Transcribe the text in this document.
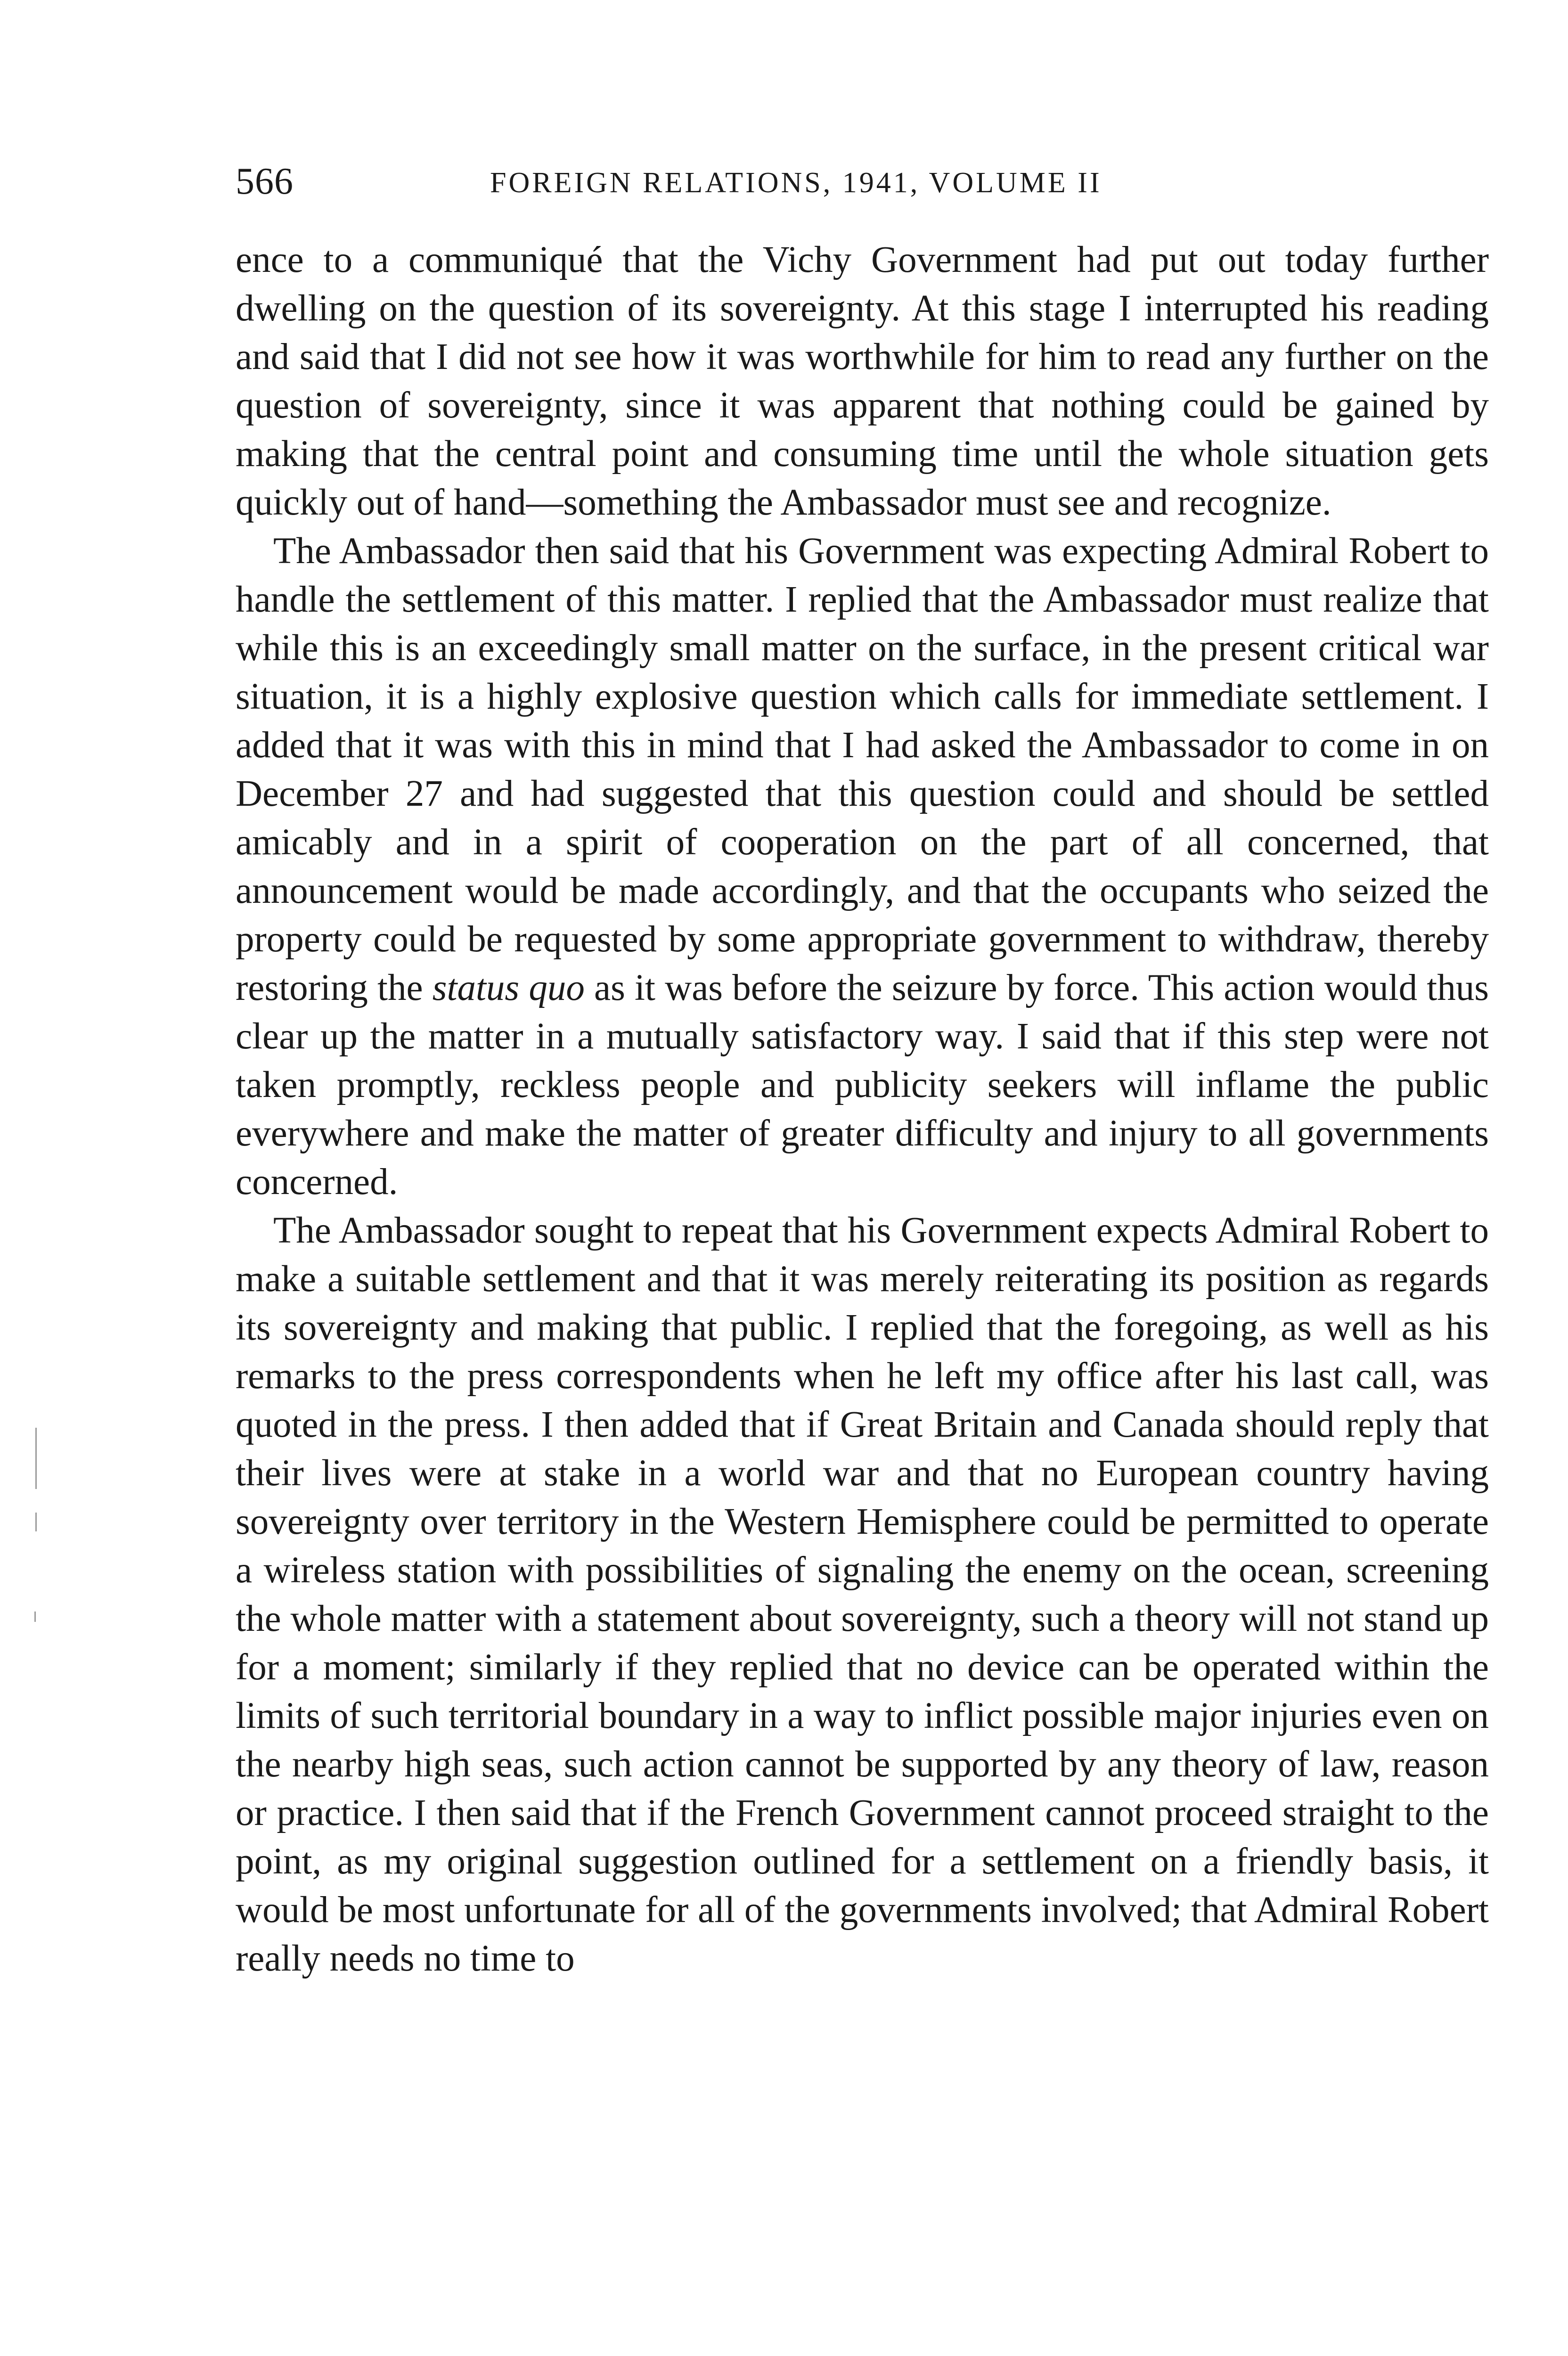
566	FOREIGN RELATIONS, 1941, VOLUME II

ence to a communiqué that the Vichy Government had put out today further dwelling on the question of its sovereignty. At this stage I interrupted his reading and said that I did not see how it was worthwhile for him to read any further on the question of sovereignty, since it was apparent that nothing could be gained by making that the central point and consuming time until the whole situation gets quickly out of hand—something the Ambassador must see and recognize.

The Ambassador then said that his Government was expecting Admiral Robert to handle the settlement of this matter. I replied that the Ambassador must realize that while this is an exceedingly small matter on the surface, in the present critical war situation, it is a highly explosive question which calls for immediate settlement. I added that it was with this in mind that I had asked the Ambassador to come in on December 27 and had suggested that this question could and should be settled amicably and in a spirit of cooperation on the part of all concerned, that announcement would be made accordingly, and that the occupants who seized the property could be requested by some appropriate government to withdraw, thereby restoring the status quo as it was before the seizure by force. This action would thus clear up the matter in a mutually satisfactory way. I said that if this step were not taken promptly, reckless people and publicity seekers will inflame the public everywhere and make the matter of greater difficulty and injury to all governments concerned.

The Ambassador sought to repeat that his Government expects Admiral Robert to make a suitable settlement and that it was merely reiterating its position as regards its sovereignty and making that public. I replied that the foregoing, as well as his remarks to the press correspondents when he left my office after his last call, was quoted in the press. I then added that if Great Britain and Canada should reply that their lives were at stake in a world war and that no European country having sovereignty over territory in the Western Hemisphere could be permitted to operate a wireless station with possibilities of signaling the enemy on the ocean, screening the whole matter with a statement about sovereignty, such a theory will not stand up for a moment; similarly if they replied that no device can be operated within the limits of such territorial boundary in a way to inflict possible major injuries even on the nearby high seas, such action cannot be supported by any theory of law, reason or practice. I then said that if the French Government cannot proceed straight to the point, as my original suggestion outlined for a settlement on a friendly basis, it would be most unfortunate for all of the governments involved; that Admiral Robert really needs no time to
